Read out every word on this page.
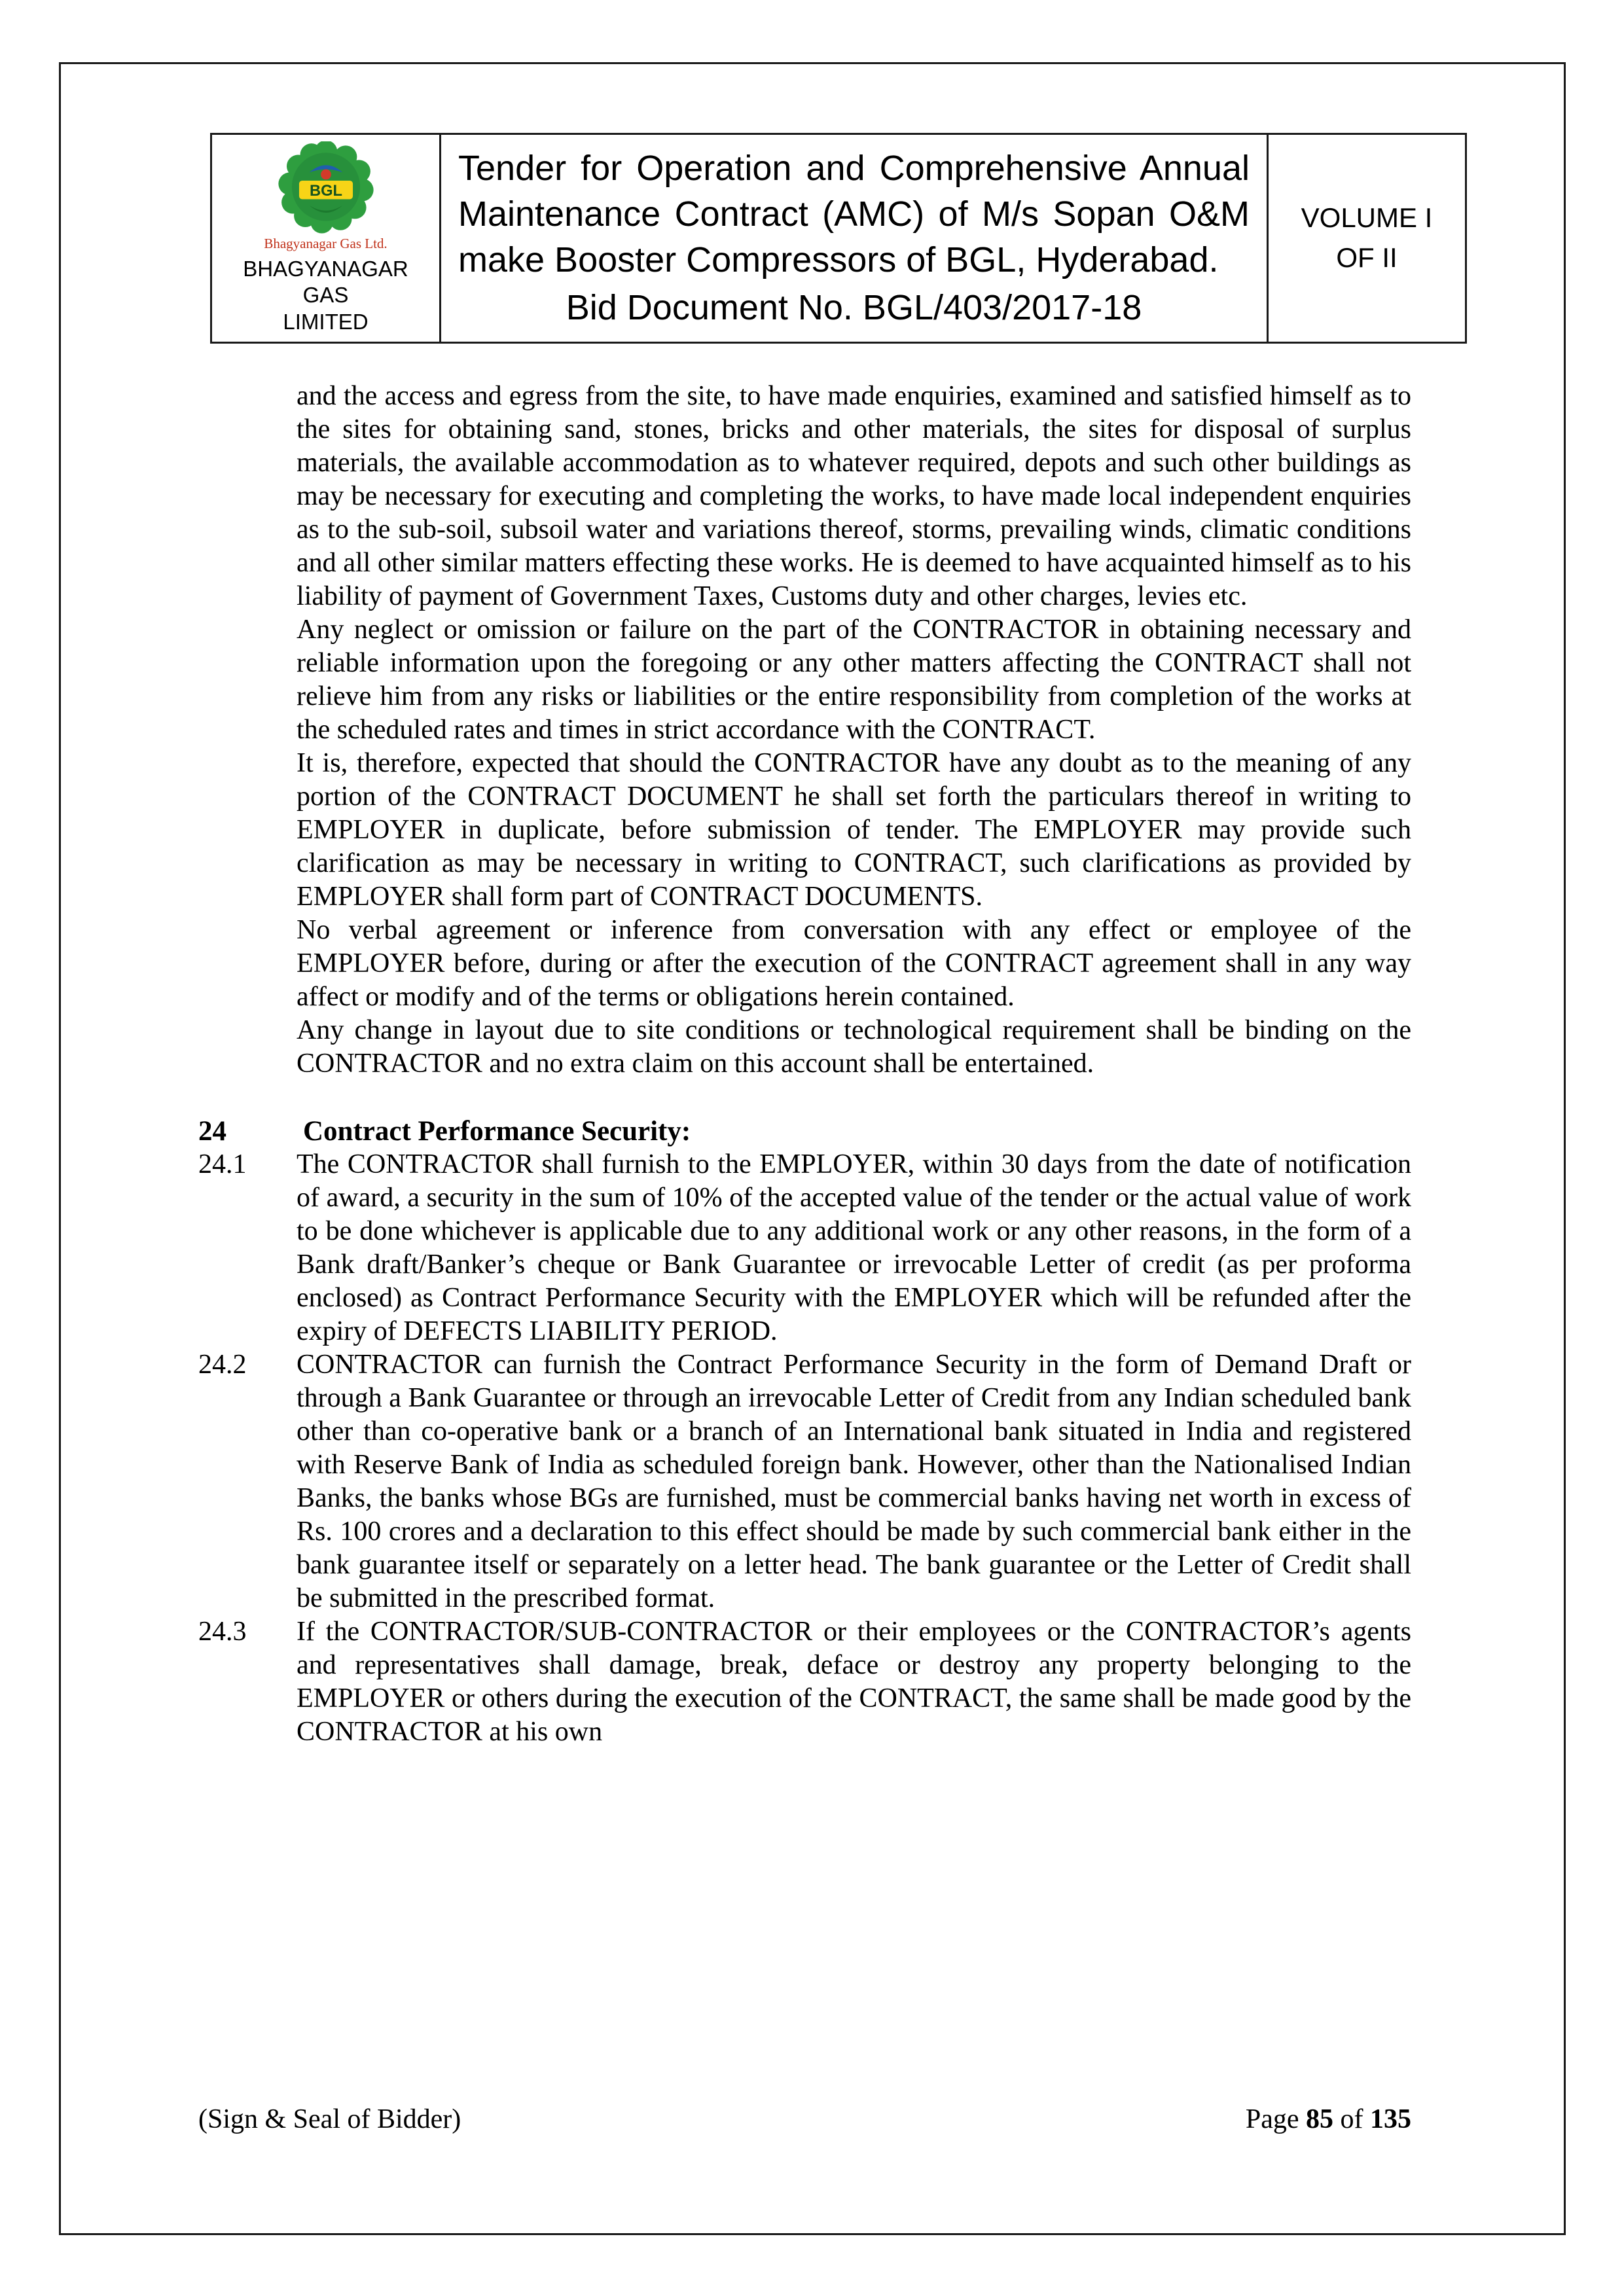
BGL
Bhagyanagar Gas Ltd.
BHAGYANAGAR GAS
LIMITED
Tender for Operation and Comprehensive Annual Maintenance Contract (AMC) of M/s Sopan O&M make Booster Compressors of BGL, Hyderabad.
Bid Document No. BGL/403/2017-18
VOLUME I
OF II

and the access and egress from the site, to have made enquiries, examined and satisfied himself as to the sites for obtaining sand, stones, bricks and other materials, the sites for disposal of surplus materials, the available accommodation as to whatever required, depots and such other buildings as may be necessary for executing and completing the works, to have made local independent enquiries as to the sub-soil, subsoil water and variations thereof, storms, prevailing winds, climatic conditions and all other similar matters effecting these works. He is deemed to have acquainted himself as to his liability of payment of Government Taxes, Customs duty and other charges, levies etc.

Any neglect or omission or failure on the part of the CONTRACTOR in obtaining necessary and reliable information upon the foregoing or any other matters affecting the CONTRACT shall not relieve him from any risks or liabilities or the entire responsibility from completion of the works at the scheduled rates and times in strict accordance with the CONTRACT.

It is, therefore, expected that should the CONTRACTOR have any doubt as to the meaning of any portion of the CONTRACT DOCUMENT he shall set forth the particulars thereof in writing to EMPLOYER in duplicate, before submission of tender. The EMPLOYER may provide such clarification as may be necessary in writing to CONTRACT, such clarifications as provided by EMPLOYER shall form part of CONTRACT DOCUMENTS.

No verbal agreement or inference from conversation with any effect or employee of the EMPLOYER before, during or after the execution of the CONTRACT agreement shall in any way affect or modify and of the terms or obligations herein contained.

Any change in layout due to site conditions or technological requirement shall be binding on the CONTRACTOR and no extra claim on this account shall be entertained.

24	Contract Performance Security:
24.1	The CONTRACTOR shall furnish to the EMPLOYER, within 30 days from the date of notification of award, a security in the sum of 10% of the accepted value of the tender or the actual value of work to be done whichever is applicable due to any additional work or any other reasons, in the form of a Bank draft/Banker’s cheque or Bank Guarantee or irrevocable Letter of credit (as per proforma enclosed) as Contract Performance Security with the EMPLOYER which will be refunded after the expiry of DEFECTS LIABILITY PERIOD.
24.2	CONTRACTOR can furnish the Contract Performance Security in the form of Demand Draft or through a Bank Guarantee or through an irrevocable Letter of Credit from any Indian scheduled bank other than co-operative bank or a branch of an International bank situated in India and registered with Reserve Bank of India as scheduled foreign bank. However, other than the Nationalised Indian Banks, the banks whose BGs are furnished, must be commercial banks having net worth in excess of Rs. 100 crores and a declaration to this effect should be made by such commercial bank either in the bank guarantee itself or separately on a letter head. The bank guarantee or the Letter of Credit shall be submitted in the prescribed format.
24.3	If the CONTRACTOR/SUB-CONTRACTOR or their employees or the CONTRACTOR’s agents and representatives shall damage, break, deface or destroy any property belonging to the EMPLOYER or others during the execution of the CONTRACT, the same shall be made good by the CONTRACTOR at his own
(Sign & Seal of Bidder)	Page 85 of 135
